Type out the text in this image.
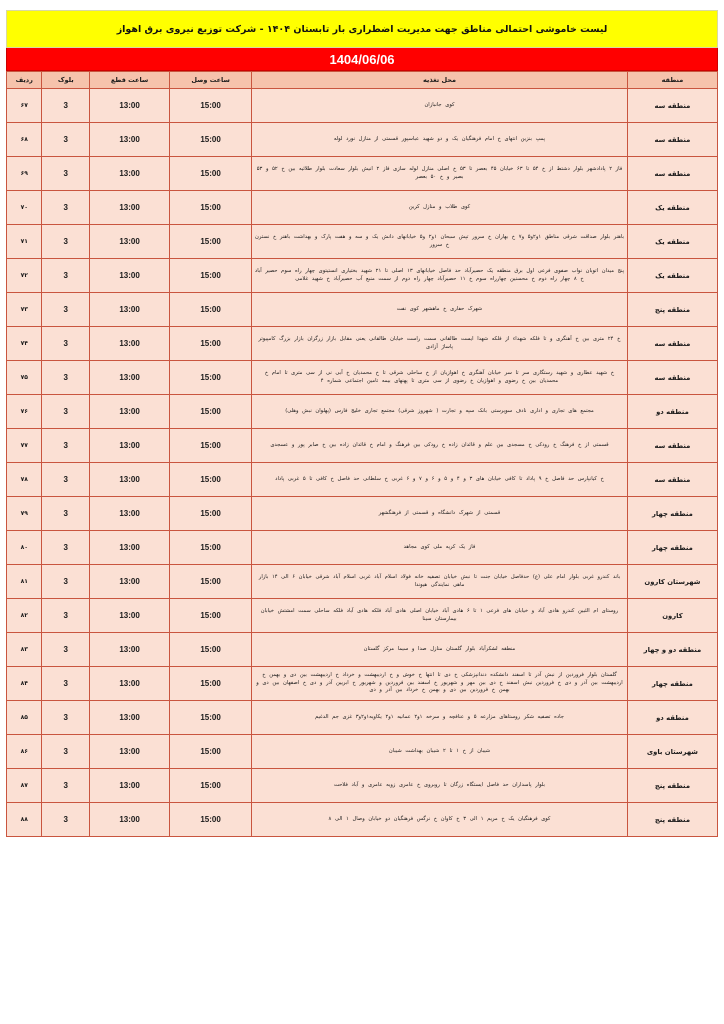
لیست خاموشی احتمالی مناطق جهت مدیریت اضطراری بار تابستان ۱۴۰۴ - شرکت توزیع نیروی برق اهواز
1404/06/06
منطقه	محل تغذیه	ساعت وصل	ساعت قطع	بلوک	ردیف
منطقه سه	کوی جانبازان	15:00	13:00	3	۶۷
منطقه سه	پمپ بنزین انتهای خ امام فرهنگیان یک و دو شهید عباسپور قسمتی از منازل نورد لوله	15:00	13:00	3	۶۸
منطقه سه	فاز ۲ پادادشهر بلوار دشتط از خ ۵۴ تا ۶۳ خیابان ۴۵ بعصر تا ۵۳ خ اصلی منازل لوله سازی فاز ۲ انیش بلوار سعادت بلوار طلائیه بین خ ۵۲ و ۵۳ بصیر و خ ۵۰ بعصر	15:00	13:00	3	۶۹
منطقه یک	کوی طلاب و منازل کرین	15:00	13:00	3	۷۰
منطقه یک	باهنر بلوار صداقت شرقی مناطق ۱و۲و۵ و۷ خ بهاران خ سرور تپش سبحان ۱و۲ و۵ خیابانهای دانش یک و سه و هفت پارک و بهداشت باهنر خ نسترن خ سرور	15:00	13:00	3	۷۱
منطقه یک	پنج میدان اتوبان نواب صفوی فرعی اول برق منطقه یک حصیرآباد حد فاصل خیابانهای ۱۳ اصلی تا ۲۱ شهید بختیاری انستیتوی چهار راه سوم حصیر آباد خ ۸ چهار راه دوم خ محسنین چهارراه سوم خ ۱۱ حصیرآباد چهار راه دوم از سمت منبع آب حصیرآباد خ شهید غلامی	15:00	13:00	3	۷۲
منطقه پنج	شهرک حفاری خ ماهشهر کوی نفت	15:00	13:00	3	۷۳
منطقه سه	خ ۲۴ متری بین خ آهنگری و تا فلکه شهداء از فلکه شهدا ایست طالقانی سمت راست خیابان طالقانی یعنی مقابل بازار زرگران بازار بزرگ کامپیوتر پاساژ آزادی	15:00	13:00	3	۷۴
منطقه سه	خ شهید عطاری و شهید رستگاری سر تا سر خیابان آهنگری خ اهوازیان از خ ساحلی شرقی تا خ محمدیان خ آبی نی از سی متری تا امام خ محمدیان بین خ رضوی و اهوازیان خ رضوی از سی متری تا پهنهای بیمه تامین اجتماعی شماره ۴	15:00	13:00	3	۷۵
منطقه دو	مجتمع های تجاری و اداری نادف سوپرستی بانک سپه و تجارت ( شهروز شرقی) مجتمع تجاری خلیج فارس (پهلوان نبش وهلی)	15:00	13:00	3	۷۶
منطقه سه	قسمتی از خ فرهنگ خ رودکی خ مسجدی بین علم و قائدان زاده خ رودکی بین فرهنگ و امام خ قائدان زاده بین خ صابر پور و عسجدی	15:00	13:00	3	۷۷
منطقه سه	خ کیانپارس حد فاصل خ ۹ پاداد تا کافی خیابان های ۳ و ۴ و ۵ و ۶ و ۷ و ۶ غربی خ سلطانی حد فاصل خ کافی تا ۵ غربی پاداد	15:00	13:00	3	۷۸
منطقه چهار	قسمتی از شهرک دانشگاه و قسمتی از فرهنگشهر	15:00	13:00	3	۷۹
منطقه چهار	فاز یک کریه ملی کوی مجاهد	15:00	13:00	3	۸۰
شهرستان کارون	باند کندرو غربی بلوار امام علی (ع) حدفاصل خیابان جنت تا نبش خیابان تصفیه خانه فولاد اسلام آباد غربی اسلام آباد شرقی خیابان ۶ الی ۱۴ بازار ماهی نمایندگی هیوندا	15:00	13:00	3	۸۱
کارون	روستای ام الئبین کندرو هادی آباد و خیابان های فرعی ۱ تا ۶ هادی آباد خیابان اصلی هادی آباد فلکه هادی آباد فلکه ساحلی سمت امشتش خیابان بیمارستان سینا	15:00	13:00	3	۸۲
منطقه دو و چهار	منطقه لشکرآباد بلوار گلستان منازل صدا و سیما مرکز گلستان	15:00	13:00	3	۸۳
منطقه چهار	گلستان بلوار فروردین از نبش آذر تا اسفند دانشکده دندانپزشکی خ دی تا انتها خ خوش و خ اردیبهشت و خرداد خ اردیبهشت بین دی و بهمن خ اردیبهشت بین آذر و دی خ فروردین نبش اسفند خ دی بین مهر و شهریور خ اسفند بین فروردین و شهریور خ ابریین آذر و دی خ اصفهان بین دی و بهمن خ فروردین بین دی و بهمن خ خرداد بین آذر و دی	15:00	13:00	3	۸۴
منطقه دو	جاده تصفیه شکر روستاهای مزارعه ۵ و عنافچه و سرخه ۱و۲ عمانیه ۱و۲ یکاویه۱و۲و۳ غزی جم الدغیم	15:00	13:00	3	۸۵
شهرستان باوی	شیبان از خ ۱ تا ۲ شیبان بهداشت شیبان	15:00	13:00	3	۸۶
منطقه پنج	بلوار پاسداران حد فاصل ایستگاه زرگان تا روبروی خ عامری زویه عامری و آباد فلاحت	15:00	13:00	3	۸۷
منطقه پنج	کوی فرهنگیان یک خ مریم ۱ الی ۳ خ کاوان خ نرگس فرهنگیان دو خیابان وصال ۱ الی ۸	15:00	13:00	3	۸۸
